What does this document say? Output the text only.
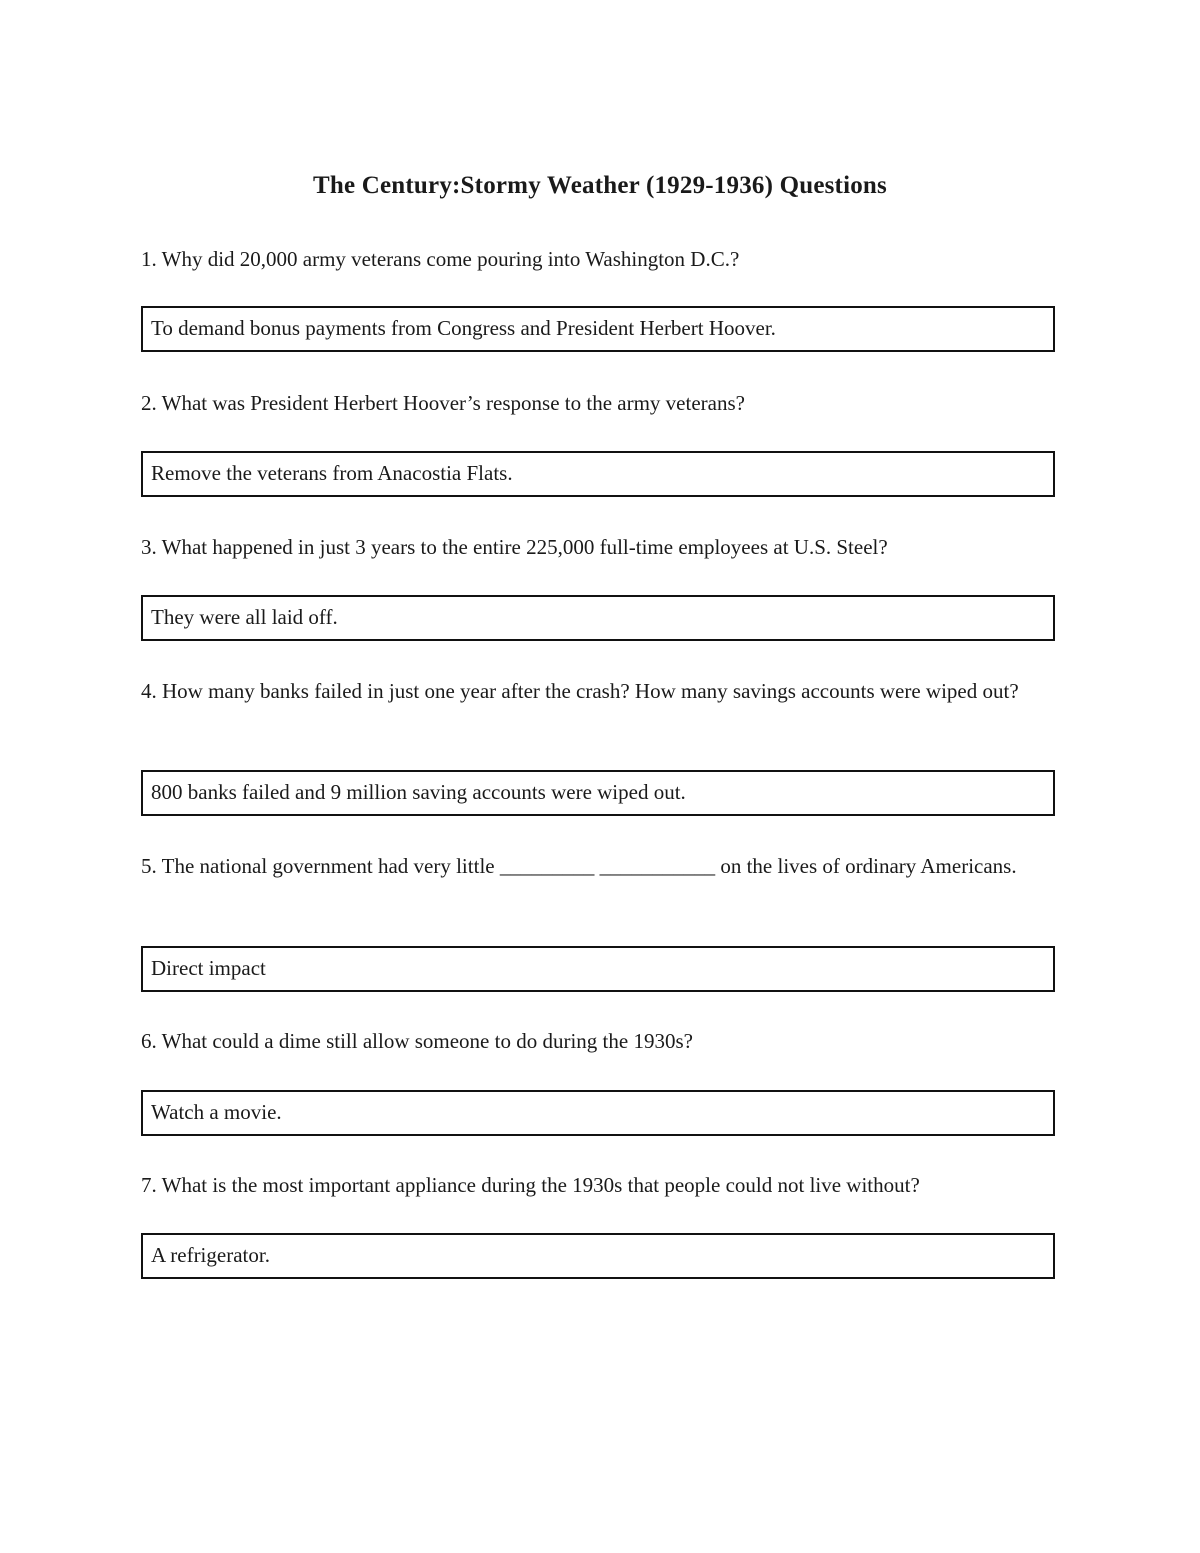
The Century:Stormy Weather (1929-1936) Questions
1. Why did 20,000 army veterans come pouring into Washington D.C.?
To demand bonus payments from Congress and President Herbert Hoover.
2. What was President Herbert Hoover’s response to the army veterans?
Remove the veterans from Anacostia Flats.
3. What happened in just 3 years to the entire 225,000 full-time employees at U.S. Steel?
They were all laid off.
4. How many banks failed in just one year after the crash? How many savings accounts were wiped out?
800 banks failed and 9 million saving accounts were wiped out.
5. The national government had very little _________ ___________ on the lives of ordinary Americans.
Direct impact
6. What could a dime still allow someone to do during the 1930s?
Watch a movie.
7. What is the most important appliance during the 1930s that people could not live without?
A refrigerator.
